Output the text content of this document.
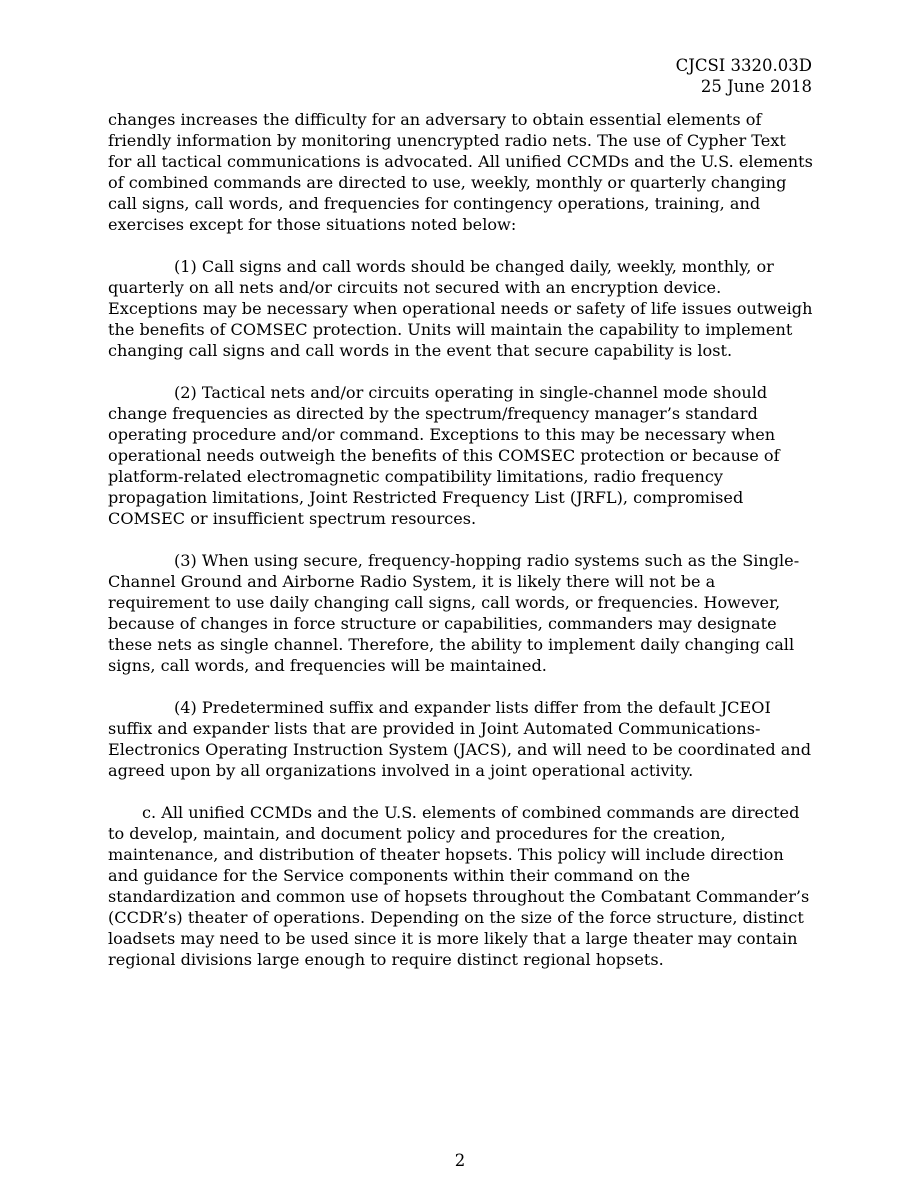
CJCSI 3320.03D
25 June 2018

changes increases the difficulty for an adversary to obtain essential elements of friendly information by monitoring unencrypted radio nets. The use of Cypher Text for all tactical communications is advocated. All unified CCMDs and the U.S. elements of combined commands are directed to use, weekly, monthly or quarterly changing call signs, call words, and frequencies for contingency operations, training, and exercises except for those situations noted below:

(1) Call signs and call words should be changed daily, weekly, monthly, or quarterly on all nets and/or circuits not secured with an encryption device. Exceptions may be necessary when operational needs or safety of life issues outweigh the benefits of COMSEC protection. Units will maintain the capability to implement changing call signs and call words in the event that secure capability is lost.

(2) Tactical nets and/or circuits operating in single-channel mode should change frequencies as directed by the spectrum/frequency manager’s standard operating procedure and/or command. Exceptions to this may be necessary when operational needs outweigh the benefits of this COMSEC protection or because of platform-related electromagnetic compatibility limitations, radio frequency propagation limitations, Joint Restricted Frequency List (JRFL), compromised COMSEC or insufficient spectrum resources.

(3) When using secure, frequency-hopping radio systems such as the Single-Channel Ground and Airborne Radio System, it is likely there will not be a requirement to use daily changing call signs, call words, or frequencies. However, because of changes in force structure or capabilities, commanders may designate these nets as single channel. Therefore, the ability to implement daily changing call signs, call words, and frequencies will be maintained.

(4) Predetermined suffix and expander lists differ from the default JCEOI suffix and expander lists that are provided in Joint Automated Communications-Electronics Operating Instruction System (JACS), and will need to be coordinated and agreed upon by all organizations involved in a joint operational activity.

c. All unified CCMDs and the U.S. elements of combined commands are directed to develop, maintain, and document policy and procedures for the creation, maintenance, and distribution of theater hopsets. This policy will include direction and guidance for the Service components within their command on the standardization and common use of hopsets throughout the Combatant Commander’s (CCDR’s) theater of operations. Depending on the size of the force structure, distinct loadsets may need to be used since it is more likely that a large theater may contain regional divisions large enough to require distinct regional hopsets.

2
